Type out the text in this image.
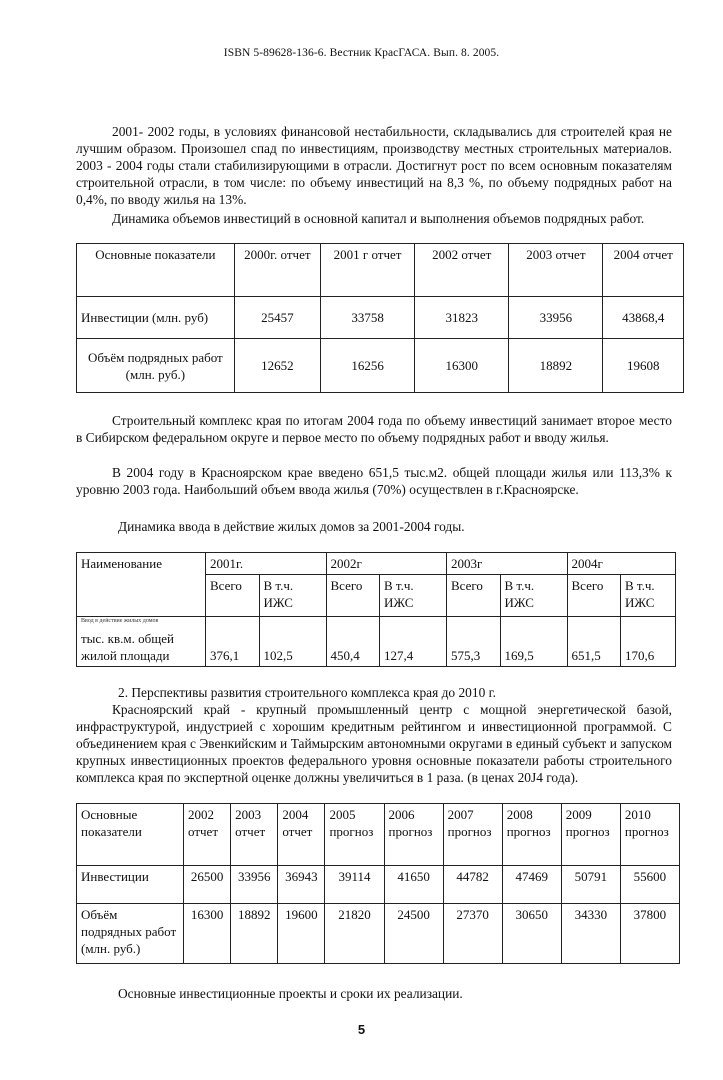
ISBN 5-89628-136-6. Вестник КрасГАСА. Вып. 8. 2005.

2001- 2002 годы, в условиях финансовой нестабильности, складывались для строителей края не лучшим образом. Произошел спад по инвестициям, производству местных строительных материалов. 2003 - 2004 годы стали стабилизирующими в отрасли. Достигнут рост по всем основным показателям строительной отрасли, в том числе: по объему инвестиций на 8,3 %, по объему подрядных работ на 0,4%, по вводу жилья на 13%.

Динамика объемов инвестиций в основной капитал и выполнения объемов подрядных работ.

Основные показатели	2000г. отчет	2001 г отчет	2002 отчет	2003 отчет	2004 отчет
Инвестиции (млн. руб)	25457	33758	31823	33956	43868,4
Объём подрядных работ (млн. руб.)	12652	16256	16300	18892	19608

Строительный комплекс края по итогам 2004 года по объему инвестиций занимает второе место в Сибирском федеральном округе и первое место по объему подрядных работ и вводу жилья.

В 2004 году в Красноярском крае введено 651,5 тыс.м2. общей площади жилья или 113,3% к уровню 2003 года. Наибольший объем ввода жилья (70%) осуществлен в г.Красноярске.

Динамика ввода в действие жилых домов за 2001-2004 годы.

Наименование	2001г.		2002г		2003г		2004г	
	Всего	В т.ч. ИЖС	Всего	В т.ч. ИЖС	Всего	В т.ч. ИЖС	Всего	В т.ч. ИЖС

Ввод в действие жилых домов
тыс. кв.м. общей жилой площади	376,1	102,5	450,4	127,4	575,3	169,5	651,5	170,6

2. Перспективы развития строительного комплекса края до 2010 г.

Красноярский край - крупный промышленный центр с мощной энергетической базой, инфраструктурой, индустрией с хорошим кредитным рейтингом и инвестиционной программой. С объединением края с Эвенкийским и Таймырским автономными округами в единый субъект и запуском крупных инвестиционных проектов федерального уровня основные показатели работы строительного комплекса края по экспертной оценке должны увеличиться в 1 раза. (в ценах 20J4 года).

Основные показатели	2002 отчет	2003 отчет	2004 отчет	2005 прогноз	2006 прогноз	2007 прогноз	2008 прогноз	2009 прогноз	2010 прогноз
Инвестиции	26500	33956	36943	39114	41650	44782	47469	50791	55600
Объём подрядных работ (млн. руб.)	16300	18892	19600	21820	24500	27370	30650	34330	37800

Основные инвестиционные проекты и сроки их реализации.

5
